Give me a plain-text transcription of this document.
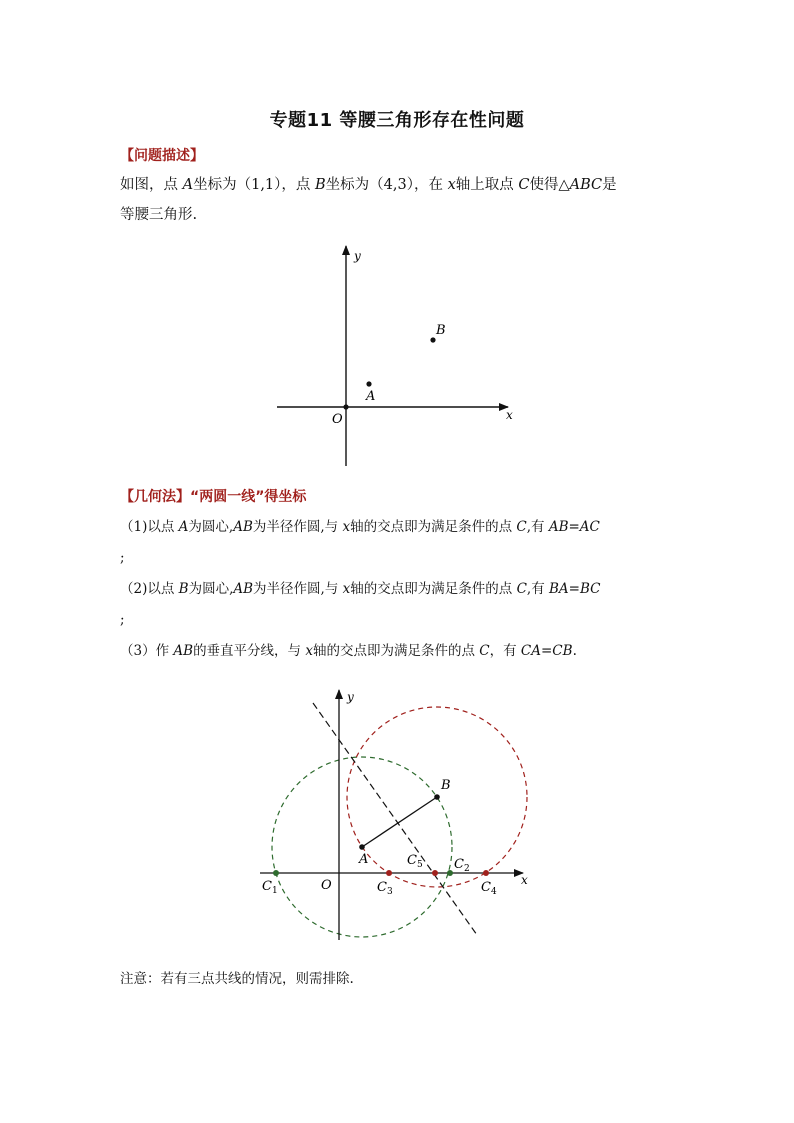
专题11 等腰三角形存在性问题
【问题描述】
如图，点 A坐标为（1,1），点 B坐标为（4,3），在 x轴上取点 C使得△ABC是
等腰三角形.
y
x
O
A
B
【几何法】“两圆一线”得坐标
（1)以点 A为圆心,AB为半径作圆,与 x轴的交点即为满足条件的点 C,有 AB=AC
;
（2)以点 B为圆心,AB为半径作圆,与 x轴的交点即为满足条件的点 C,有 BA=BC
;
（3）作 AB的垂直平分线，与 x轴的交点即为满足条件的点 C，有 CA=CB.
y
x
O
A
B
$C_1$
$C_2$
$C_3$	$C_4$
$C_5$
注意：若有三点共线的情况，则需排除.
